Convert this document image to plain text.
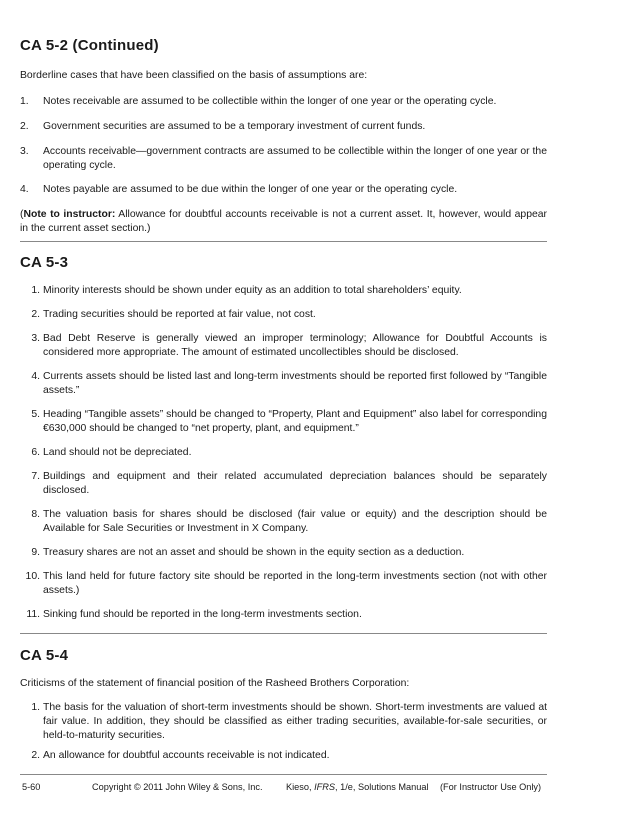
CA 5-2 (Continued)
Borderline cases that have been classified on the basis of assumptions are:
1.	Notes receivable are assumed to be collectible within the longer of one year or the operating cycle.
2.	Government securities are assumed to be a temporary investment of current funds.
3.	Accounts receivable—government contracts are assumed to be collectible within the longer of one year or the operating cycle.
4.	Notes payable are assumed to be due within the longer of one year or the operating cycle.
(Note to instructor: Allowance for doubtful accounts receivable is not a current asset. It, however, would appear in the current asset section.)
CA 5-3
1. Minority interests should be shown under equity as an addition to total shareholders’ equity.
2. Trading securities should be reported at fair value, not cost.
3. Bad Debt Reserve is generally viewed an improper terminology; Allowance for Doubtful Accounts is considered more appropriate. The amount of estimated uncollectibles should be disclosed.
4. Currents assets should be listed last and long-term investments should be reported first followed by “Tangible assets.”
5. Heading “Tangible assets” should be changed to “Property, Plant and Equipment” also label for corresponding €630,000 should be changed to “net property, plant, and equipment.”
6. Land should not be depreciated.
7. Buildings and equipment and their related accumulated depreciation balances should be separately disclosed.
8. The valuation basis for shares should be disclosed (fair value or equity) and the description should be Available for Sale Securities or Investment in X Company.
9. Treasury shares are not an asset and should be shown in the equity section as a deduction.
10. This land held for future factory site should be reported in the long-term investments section (not with other assets.)
11. Sinking fund should be reported in the long-term investments section.
CA 5-4
Criticisms of the statement of financial position of the Rasheed Brothers Corporation:
1. The basis for the valuation of short-term investments should be shown. Short-term investments are valued at fair value. In addition, they should be classified as either trading securities, available-for-sale securities, or held-to-maturity securities.
2. An allowance for doubtful accounts receivable is not indicated.
5-60	Copyright © 2011 John Wiley & Sons, Inc.	Kieso, IFRS, 1/e, Solutions Manual (For Instructor Use Only)
